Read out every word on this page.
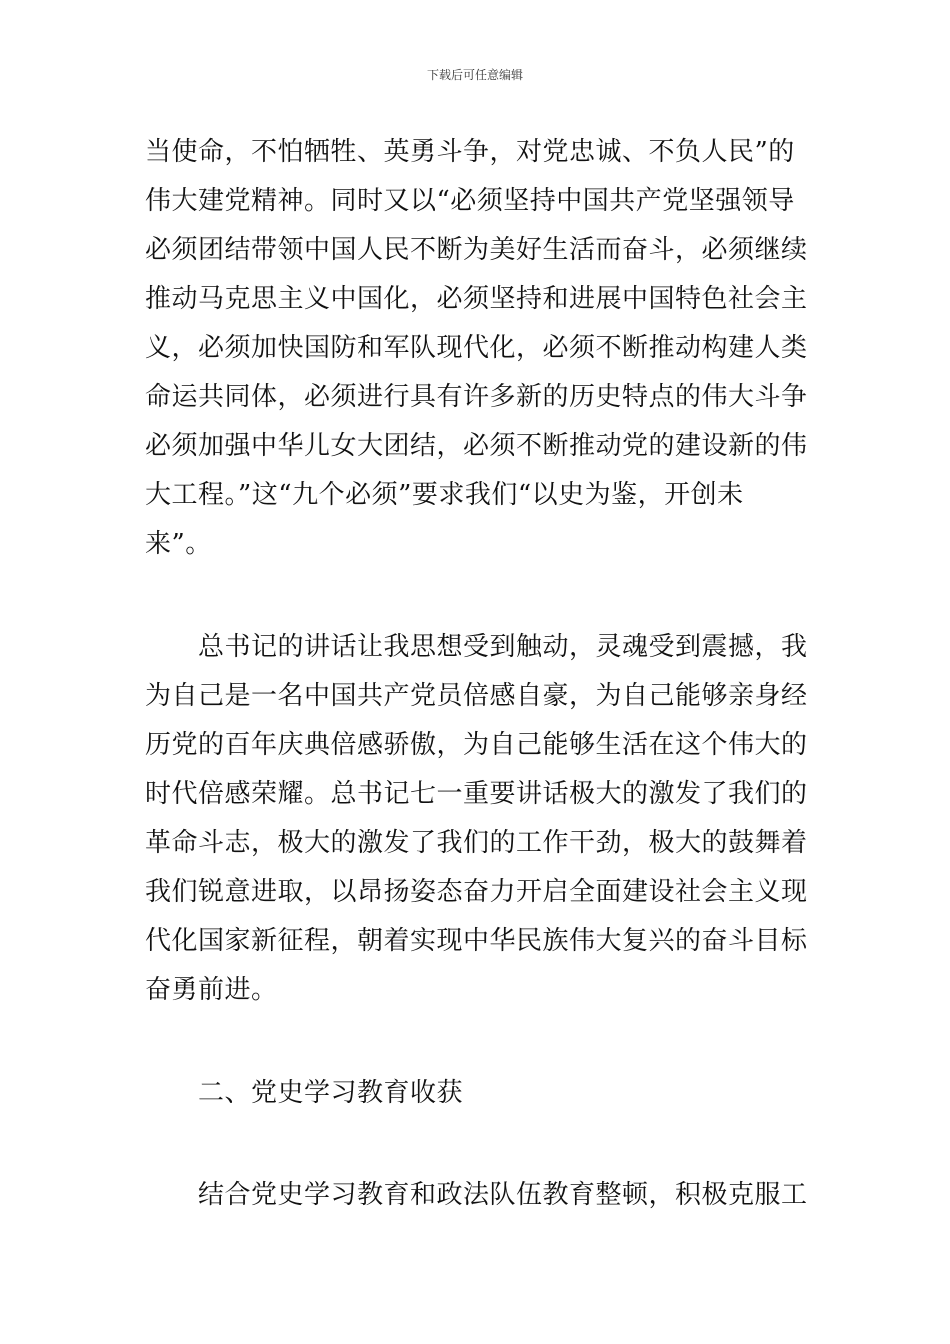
下载后可任意编辑
当使命，不怕牺牲、英勇斗争，对党忠诚、不负人民”的
伟大建党精神。同时又以“必须坚持中国共产党坚强领导
必须团结带领中国人民不断为美好生活而奋斗，必须继续
推动马克思主义中国化，必须坚持和进展中国特色社会主
义，必须加快国防和军队现代化，必须不断推动构建人类
命运共同体，必须进行具有许多新的历史特点的伟大斗争
必须加强中华儿女大团结，必须不断推动党的建设新的伟
大工程。”这“九个必须”要求我们“以史为鉴，开创未
来”。
总书记的讲话让我思想受到触动，灵魂受到震撼，我
为自己是一名中国共产党员倍感自豪，为自己能够亲身经
历党的百年庆典倍感骄傲，为自己能够生活在这个伟大的
时代倍感荣耀。总书记七一重要讲话极大的激发了我们的
革命斗志，极大的激发了我们的工作干劲，极大的鼓舞着
我们锐意进取，以昂扬姿态奋力开启全面建设社会主义现
代化国家新征程，朝着实现中华民族伟大复兴的奋斗目标
奋勇前进。
二、党史学习教育收获
结合党史学习教育和政法队伍教育整顿，积极克服工
